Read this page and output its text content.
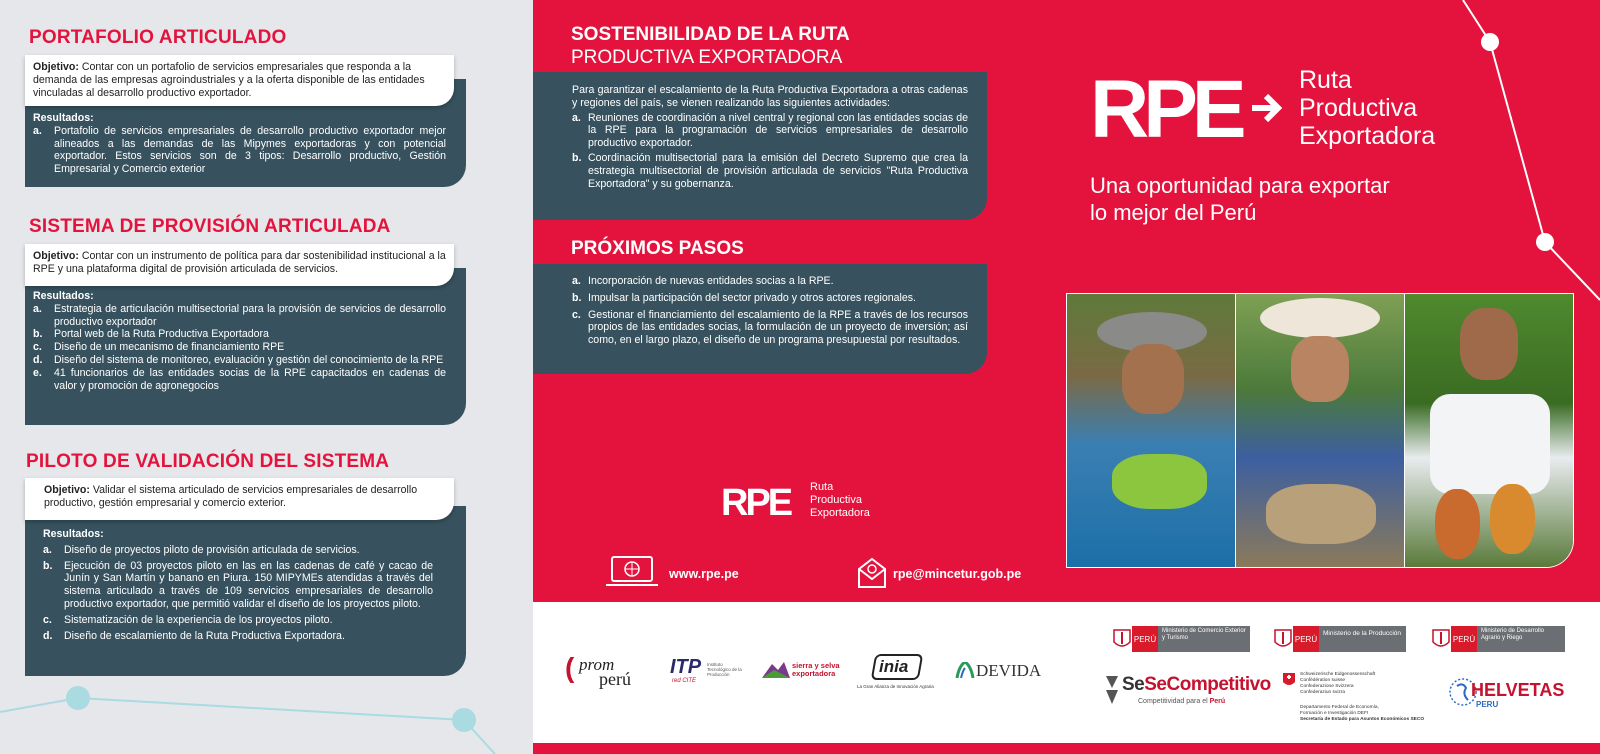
PORTAFOLIO ARTICULADO
Resultados:
a.	Portafolio de servicios empresariales de desarrollo productivo exportador mejor alineados a las demandas de las Mipymes exportadoras y con potencial exportador. Estos servicios son de 3 tipos: Desarrollo productivo, Gestión Empresarial y Comercio exterior
Objetivo: Contar con un portafolio de servicios empresariales que responda a la demanda de las empresas agroindustriales y a la oferta disponible de las entidades vinculadas al desarrollo productivo exportador.
SISTEMA DE PROVISIÓN ARTICULADA
Resultados:
a.	Estrategia de articulación multisectorial para la provisión de servicios de desarrollo productivo exportador
b.	Portal web de la Ruta Productiva Exportadora
c.	Diseño de un mecanismo de financiamiento RPE
d.	Diseño del sistema de monitoreo, evaluación y gestión del conocimiento de la RPE
e.	41 funcionarios de las entidades socias de la RPE capacitados en cadenas de valor y promoción de agronegocios
Objetivo: Contar con un instrumento de política para dar sostenibilidad institucional a la RPE y una plataforma digital de provisión articulada de servicios.
PILOTO DE VALIDACIÓN DEL SISTEMA
Resultados:
a.	Diseño de proyectos piloto de provisión articulada de servicios.
b.	Ejecución de 03 proyectos piloto en las en las cadenas de café y cacao de Junín y San Martín y banano en Piura. 150 MIPYMEs atendidas a través del sistema articulado a través de 109 servicios empresariales de desarrollo productivo exportador, que permitió validar el diseño de los proyectos piloto.
c.	Sistematización de la experiencia de los proyectos piloto.
d.	Diseño de escalamiento de la Ruta Productiva Exportadora.
Objetivo: Validar el sistema articulado de servicios empresariales de desarrollo productivo, gestión empresarial y comercio exterior.
SOSTENIBILIDAD DE LA RUTA
PRODUCTIVA EXPORTADORA

Para garantizar el escalamiento de la Ruta Productiva Exportadora a otras cadenas y regiones del país, se vienen realizando las siguientes actividades:

a. Reuniones de coordinación a nivel central y regional con las entidades socias de la RPE para la programación de servicios empresariales de desarrollo productivo exportador.
b. Coordinación multisectorial para la emisión del Decreto Supremo que crea la estrategia multisectorial de provisión articulada de servicios "Ruta Productiva Exportadora" y su gobernanza.
PRÓXIMOS PASOS
a. Incorporación de nuevas entidades socias a la RPE.
b. Impulsar la participación del sector privado y otros actores regionales.
c. Gestionar el financiamiento del escalamiento de la RPE a través de los recursos propios de las entidades socias, la formulación de un proyecto de inversión; así como, en el largo plazo, el diseño de un programa presupuestal por resultados.
RPE Ruta
Productiva
Exportadora
Una oportunidad para exportar
lo mejor del Perú
RPE Ruta
Productiva
Exportadora
www.rpe.pe	rpe@mincetur.gob.pe
( prom
perú
ITP
red CITE
Instituto Tecnológico de la Producción
sierra y selva exportadora	inia
La Gran Alianza de Innovación Agraria
DEVIDA
PERÚ
Ministerio de Comercio Exterior y Turismo	PERÚ
Ministerio de la Producción
PERÚ
Ministerio de Desarrollo Agrario y Riego
SeSeCompetitivo
Competitividad para el Perú
Schweizerische Eidgenossenschaft
Confédération suisse
Confederazione Svizzera
Confederaziun svizra
Departamento Federal de Economía,
Formación e Investigación DEFI
Secretaría de Estado para Asuntos Económicos SECO
HELVETAS
PERU
